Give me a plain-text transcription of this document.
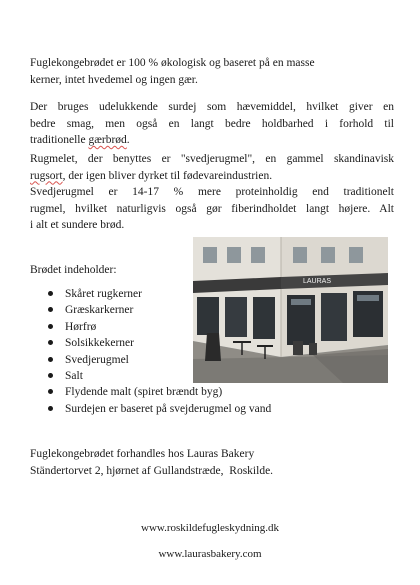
Fuglekongebrødet er 100 % økologisk og baseret på en masse
kerner, intet hvedemel og ingen gær.
Der bruges udelukkende surdej som hævemiddel, hvilket giver en
bedre smag, men også en langt bedre holdbarhed i forhold til
traditionelle gærbrød.
Rugmelet, der benyttes er "svedjerugmel", en gammel skandinavisk
rugsort, der igen bliver dyrket til fødevareindustrien.
Svedjerugmel er 14-17 % mere proteinholdig end traditionelt
rugmel, hvilket naturligvis også gør fiberindholdet langt højere. Alt
i alt et sundere brød.
Brødet indeholder:
Skåret rugkerner
Græskarkerner
Hørfrø
Solsikkekerner
Svedjerugmel
Salt
Flydende malt (spiret brændt byg)
Surdejen er baseret på svejderugmel og vand
LAURAS
Fuglekongebrødet forhandles hos Lauras Bakery
Ständertorvet 2, hjørnet af Gullandstræde,  Roskilde.
www.roskildefugleskydning.dk
www.laurasbakery.com
